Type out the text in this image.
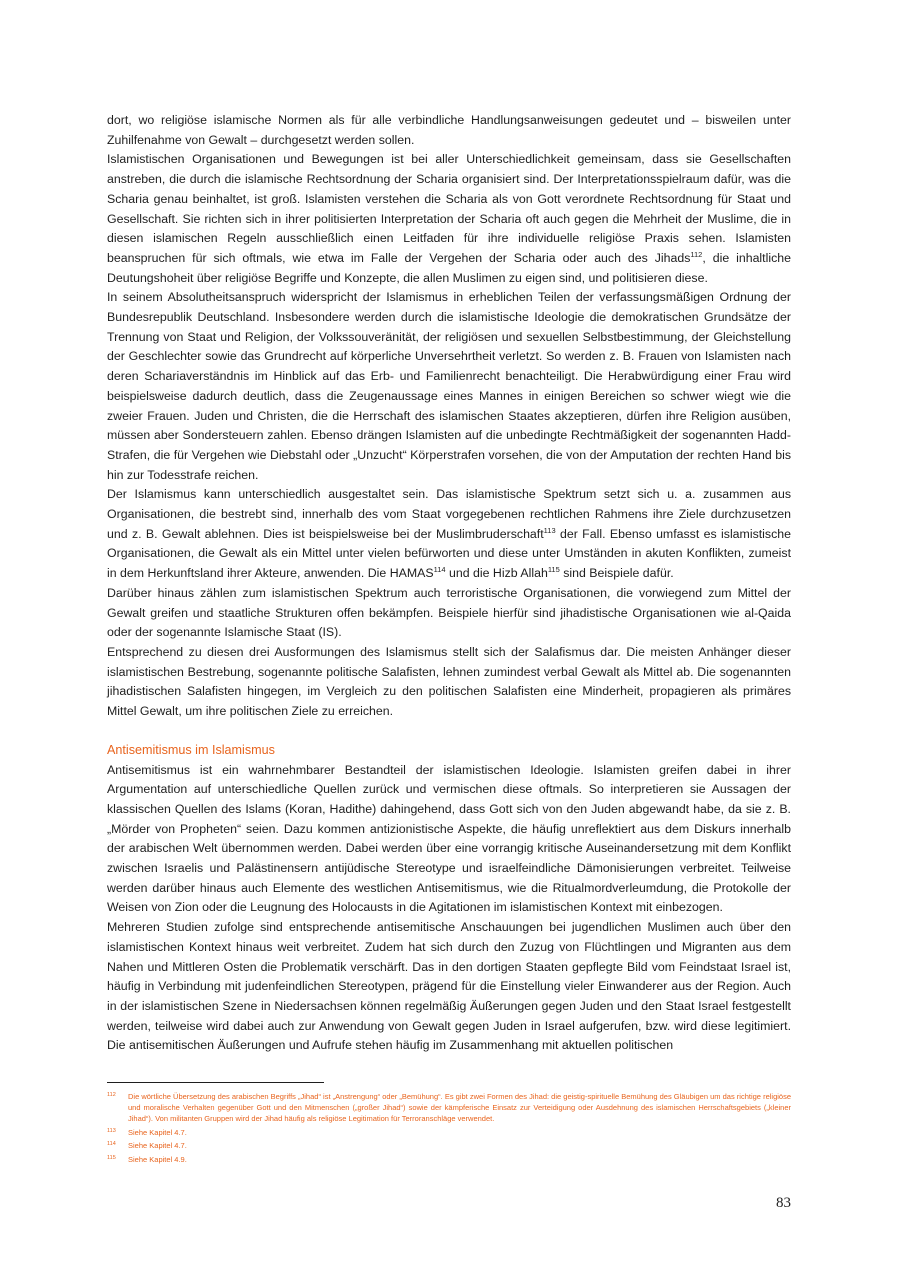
dort, wo religiöse islamische Normen als für alle verbindliche Handlungsanweisungen gedeutet und – bisweilen unter Zuhilfenahme von Gewalt – durchgesetzt werden sollen.

Islamistischen Organisationen und Bewegungen ist bei aller Unterschiedlichkeit gemeinsam, dass sie Gesellschaften anstreben, die durch die islamische Rechtsordnung der Scharia organisiert sind. Der Interpretationsspielraum dafür, was die Scharia genau beinhaltet, ist groß. Islamisten verstehen die Scharia als von Gott verordnete Rechtsordnung für Staat und Gesellschaft. Sie richten sich in ihrer politisierten Interpretation der Scharia oft auch gegen die Mehrheit der Muslime, die in diesen islamischen Regeln ausschließlich einen Leitfaden für ihre individuelle religiöse Praxis sehen. Islamisten beanspruchen für sich oftmals, wie etwa im Falle der Vergehen der Scharia oder auch des Jihads$^{112}$, die inhaltliche Deutungshoheit über religiöse Begriffe und Konzepte, die allen Muslimen zu eigen sind, und politisieren diese.

In seinem Absolutheitsanspruch widerspricht der Islamismus in erheblichen Teilen der verfassungsmäßigen Ordnung der Bundesrepublik Deutschland. Insbesondere werden durch die islamistische Ideologie die demokratischen Grundsätze der Trennung von Staat und Religion, der Volkssouveränität, der religiösen und sexuellen Selbstbestimmung, der Gleichstellung der Geschlechter sowie das Grundrecht auf körperliche Unversehrtheit verletzt. So werden z. B. Frauen von Islamisten nach deren Schariaverständnis im Hinblick auf das Erb- und Familienrecht benachteiligt. Die Herabwürdigung einer Frau wird beispielsweise dadurch deutlich, dass die Zeugenaussage eines Mannes in einigen Bereichen so schwer wiegt wie die zweier Frauen. Juden und Christen, die die Herrschaft des islamischen Staates akzeptieren, dürfen ihre Religion ausüben, müssen aber Sondersteuern zahlen. Ebenso drängen Islamisten auf die unbedingte Rechtmäßigkeit der sogenannten Hadd-Strafen, die für Vergehen wie Diebstahl oder „Unzucht“ Körperstrafen vorsehen, die von der Amputation der rechten Hand bis hin zur Todesstrafe reichen.

Der Islamismus kann unterschiedlich ausgestaltet sein. Das islamistische Spektrum setzt sich u. a. zusammen aus Organisationen, die bestrebt sind, innerhalb des vom Staat vorgegebenen rechtlichen Rahmens ihre Ziele durchzusetzen und z. B. Gewalt ablehnen. Dies ist beispielsweise bei der Muslimbruderschaft$^{113}$ der Fall. Ebenso umfasst es islamistische Organisationen, die Gewalt als ein Mittel unter vielen befürworten und diese unter Umständen in akuten Konflikten, zumeist in dem Herkunftsland ihrer Akteure, anwenden. Die HAMAS$^{114}$ und die Hizb Allah$^{115}$ sind Beispiele dafür.

Darüber hinaus zählen zum islamistischen Spektrum auch terroristische Organisationen, die vorwiegend zum Mittel der Gewalt greifen und staatliche Strukturen offen bekämpfen. Beispiele hierfür sind jihadistische Organisationen wie al-Qaida oder der sogenannte Islamische Staat (IS).

Entsprechend zu diesen drei Ausformungen des Islamismus stellt sich der Salafismus dar. Die meisten Anhänger dieser islamistischen Bestrebung, sogenannte politische Salafisten, lehnen zumindest verbal Gewalt als Mittel ab. Die sogenannten jihadistischen Salafisten hingegen, im Vergleich zu den politischen Salafisten eine Minderheit, propagieren als primäres Mittel Gewalt, um ihre politischen Ziele zu erreichen.

Antisemitismus im Islamismus

Antisemitismus ist ein wahrnehmbarer Bestandteil der islamistischen Ideologie. Islamisten greifen dabei in ihrer Argumentation auf unterschiedliche Quellen zurück und vermischen diese oftmals. So interpretieren sie Aussagen der klassischen Quellen des Islams (Koran, Hadithe) dahingehend, dass Gott sich von den Juden abgewandt habe, da sie z. B. „Mörder von Propheten“ seien. Dazu kommen antizionistische Aspekte, die häufig unreflektiert aus dem Diskurs innerhalb der arabischen Welt übernommen werden. Dabei werden über eine vorrangig kritische Auseinandersetzung mit dem Konflikt zwischen Israelis und Palästinensern antijüdische Stereotype und israelfeindliche Dämonisierungen verbreitet. Teilweise werden darüber hinaus auch Elemente des westlichen Antisemitismus, wie die Ritualmordverleumdung, die Protokolle der Weisen von Zion oder die Leugnung des Holocausts in die Agitationen im islamistischen Kontext mit einbezogen.

Mehreren Studien zufolge sind entsprechende antisemitische Anschauungen bei jugendlichen Muslimen auch über den islamistischen Kontext hinaus weit verbreitet. Zudem hat sich durch den Zuzug von Flüchtlingen und Migranten aus dem Nahen und Mittleren Osten die Problematik verschärft. Das in den dortigen Staaten gepflegte Bild vom Feindstaat Israel ist, häufig in Verbindung mit judenfeindlichen Stereotypen, prägend für die Einstellung vieler Einwanderer aus der Region. Auch in der islamistischen Szene in Niedersachsen können regelmäßig Äußerungen gegen Juden und den Staat Israel festgestellt werden, teilweise wird dabei auch zur Anwendung von Gewalt gegen Juden in Israel aufgerufen, bzw. wird diese legitimiert. Die antisemitischen Äußerungen und Aufrufe stehen häufig im Zusammenhang mit aktuellen politischen

112	Die wörtliche Übersetzung des arabischen Begriffs „Jihad“ ist „Anstrengung“ oder „Bemühung“. Es gibt zwei Formen des Jihad: die geistig-spirituelle Bemühung des Gläubigen um das richtige religiöse und moralische Verhalten gegenüber Gott und den Mitmenschen („großer Jihad“) sowie der kämpferische Einsatz zur Verteidigung oder Ausdehnung des islamischen Herrschaftsgebiets („kleiner Jihad“). Von militanten Gruppen wird der Jihad häufig als religiöse Legitimation für Terroranschläge verwendet.
113	Siehe Kapitel 4.7.
114	Siehe Kapitel 4.7.
115	Siehe Kapitel 4.9.
83
